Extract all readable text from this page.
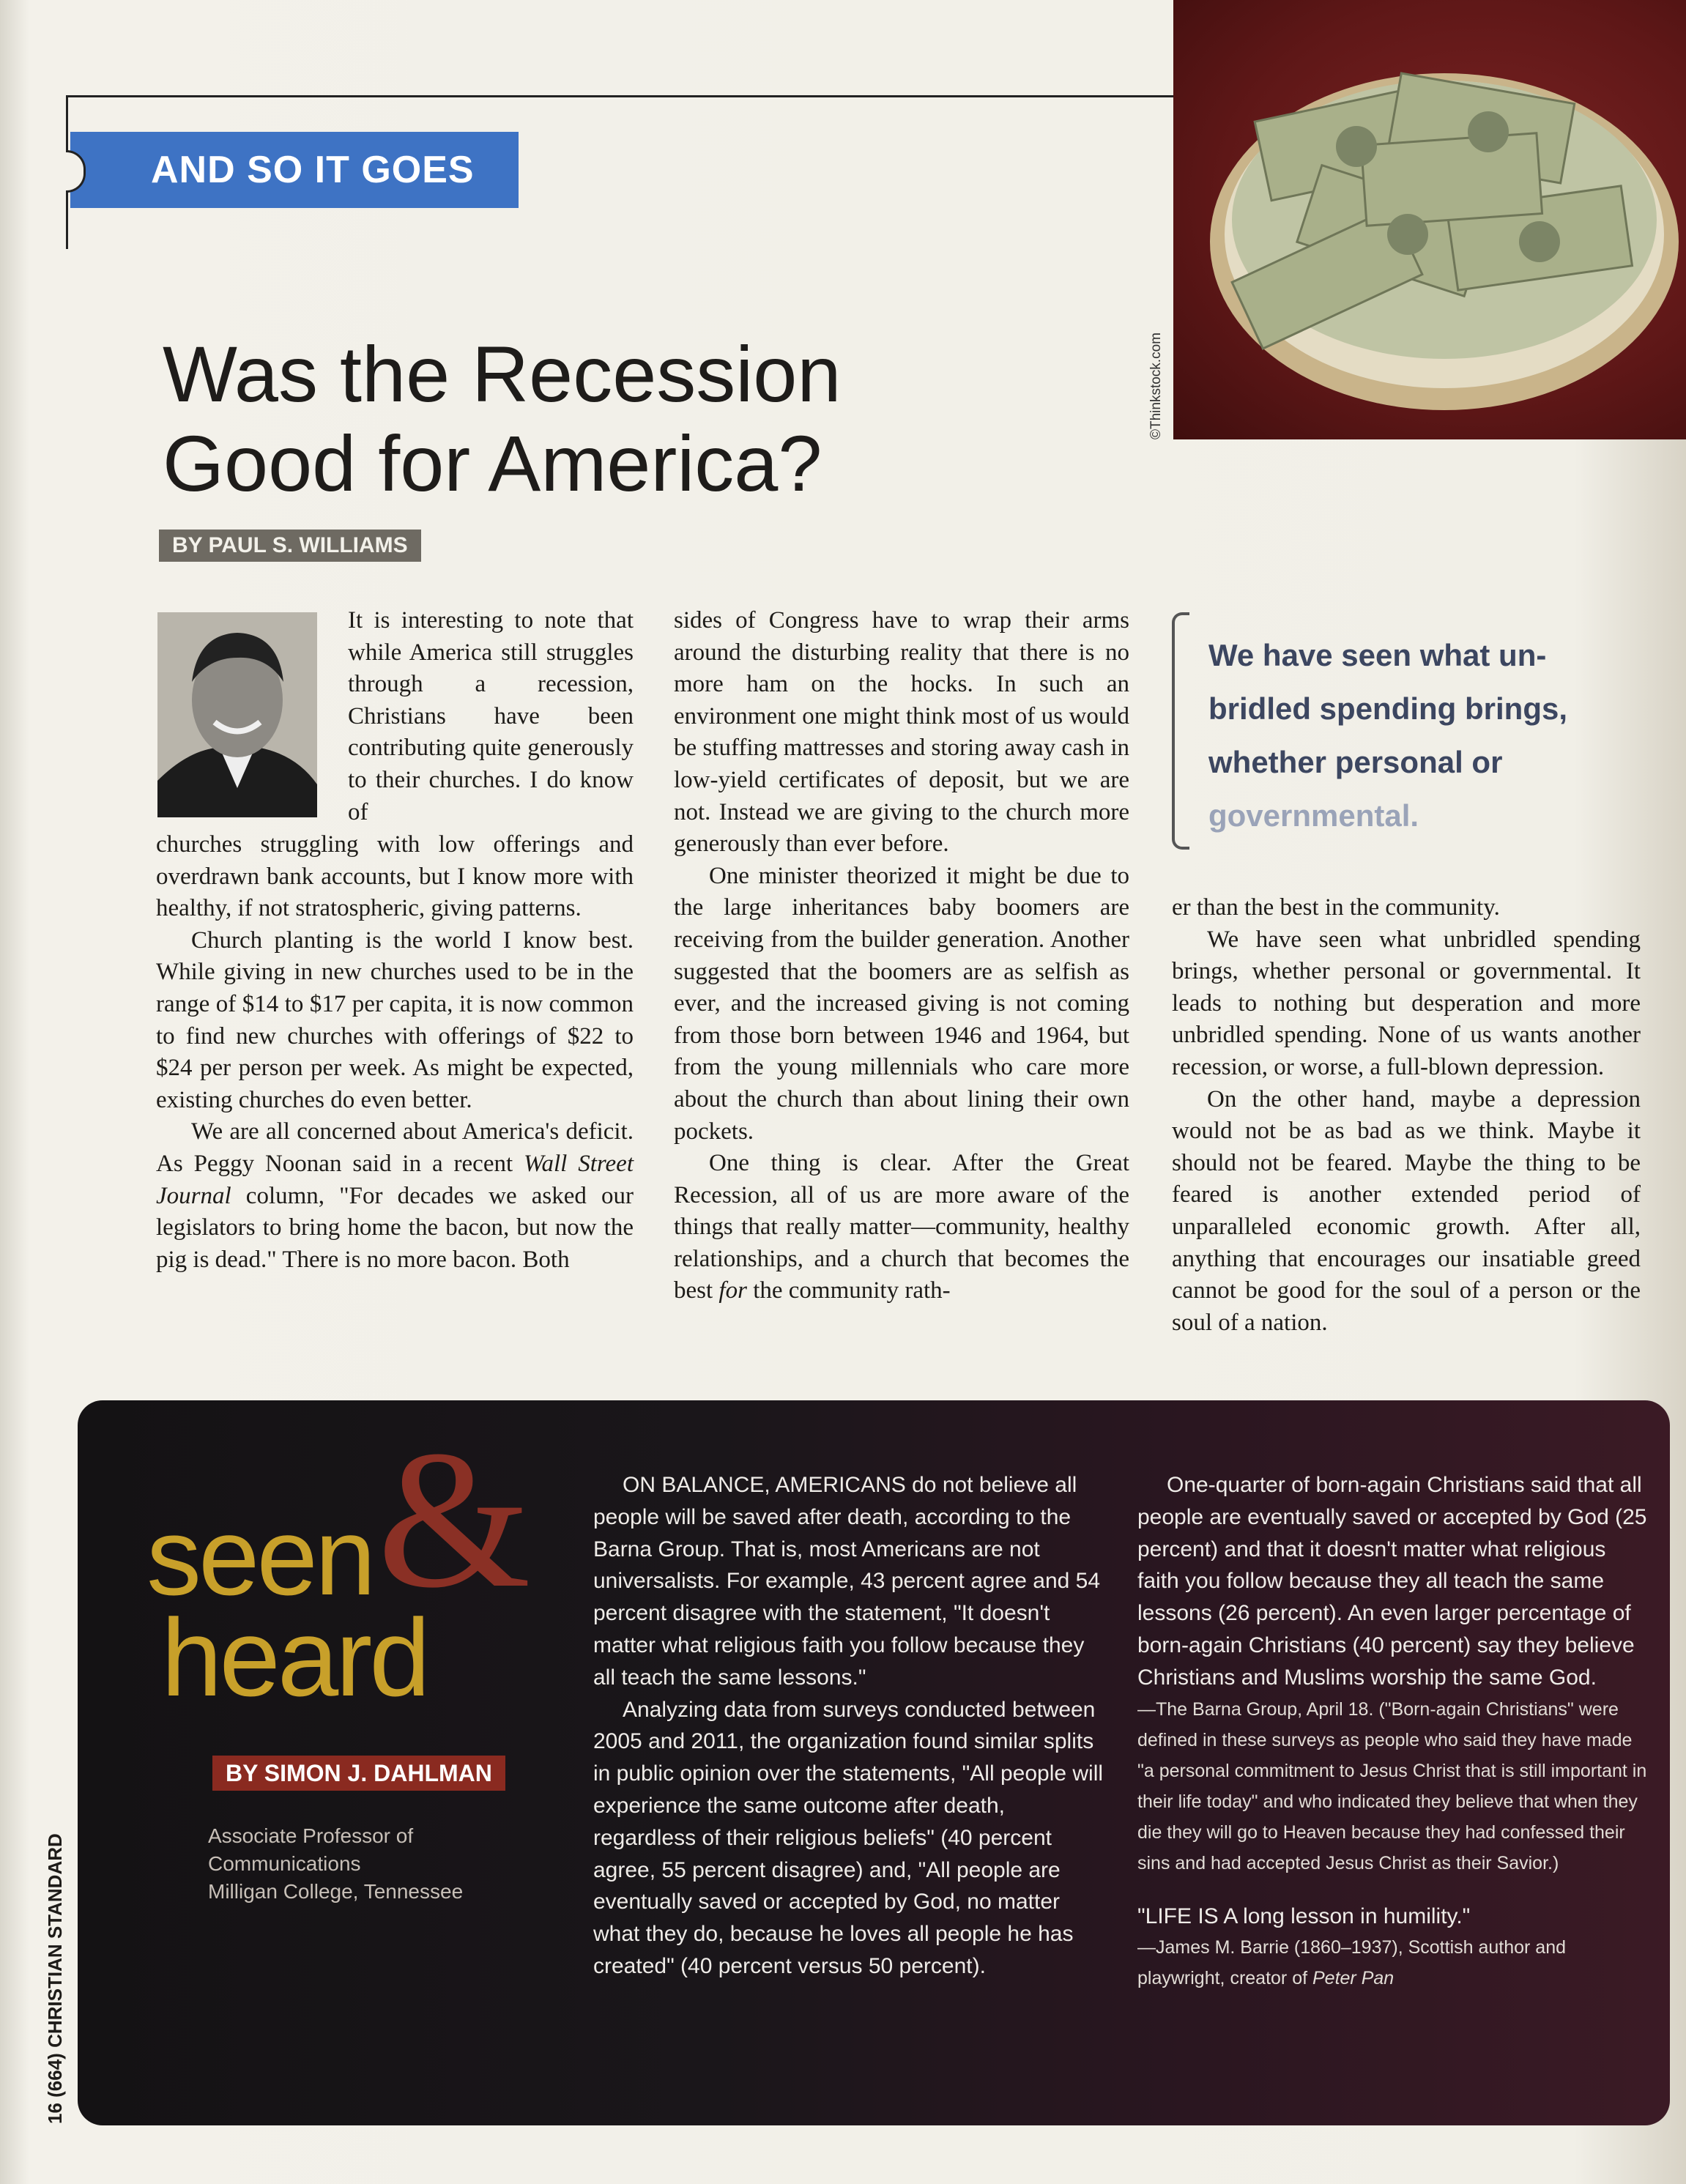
AND SO IT GOES
©Thinkstock.com
Was the Recession
Good for America?
BY PAUL S. WILLIAMS

It is interesting to note that while America still struggles through a recession, Christians have been contributing quite generously to their churches. I do know of

churches struggling with low offerings and overdrawn bank accounts, but I know more with healthy, if not stratospheric, giving patterns.

Church planting is the world I know best. While giving in new churches used to be in the range of $14 to $17 per capita, it is now common to find new churches with offerings of $22 to $24 per person per week. As might be expected, existing churches do even better.

We are all concerned about America's deficit. As Peggy Noonan said in a recent Wall Street Journal column, "For decades we asked our legislators to bring home the bacon, but now the pig is dead." There is no more bacon. Both

sides of Congress have to wrap their arms around the disturbing reality that there is no more ham on the hocks. In such an environment one might think most of us would be stuffing mattresses and storing away cash in low-yield certificates of deposit, but we are not. Instead we are giving to the church more generously than ever before.

One minister theorized it might be due to the large inheritances baby boomers are receiving from the builder generation. Another suggested that the boomers are as selfish as ever, and the increased giving is not coming from those born between 1946 and 1964, but from the young millennials who care more about the church than about lining their own pockets.

One thing is clear. After the Great Recession, all of us are more aware of the things that really matter—community, healthy relationships, and a church that becomes the best for the community rath-

We have seen what un-
bridled spending brings,
whether personal or
governmental.

er than the best in the community.

We have seen what unbridled spending brings, whether personal or governmental. It leads to nothing but desperation and more unbridled spending. None of us wants another recession, or worse, a full-blown depression.

On the other hand, maybe a depression would not be as bad as we think. Maybe it should not be feared. Maybe the thing to be feared is another extended period of unparalleled economic growth. After all, anything that encourages our insatiable greed cannot be good for the soul of a person or the soul of a nation.

seen &
heard
BY SIMON J. DAHLMAN
Associate Professor of Communications
Milligan College, Tennessee

ON BALANCE, AMERICANS do not believe all people will be saved after death, according to the Barna Group. That is, most Americans are not universalists. For example, 43 percent agree and 54 percent disagree with the statement, "It doesn't matter what religious faith you follow because they all teach the same lessons."

Analyzing data from surveys conducted between 2005 and 2011, the organization found similar splits in public opinion over the statements, "All people will experience the same outcome after death, regardless of their religious beliefs" (40 percent agree, 55 percent disagree) and, "All people are eventually saved or accepted by God, no matter what they do, because he loves all people he has created" (40 percent versus 50 percent).

One-quarter of born-again Christians said that all people are eventually saved or accepted by God (25 percent) and that it doesn't matter what religious faith you follow because they all teach the same lessons (26 percent). An even larger percentage of born-again Christians (40 percent) say they believe Christians and Muslims worship the same God.

—The Barna Group, April 18. ("Born-again Christians" were defined in these surveys as people who said they have made "a personal commitment to Jesus Christ that is still important in their life today" and who indicated they believe that when they die they will go to Heaven because they had confessed their sins and had accepted Jesus Christ as their Savior.)

"LIFE IS A long lesson in humility."

—James M. Barrie (1860–1937), Scottish author and playwright, creator of Peter Pan

16 (664) CHRISTIAN STANDARD
